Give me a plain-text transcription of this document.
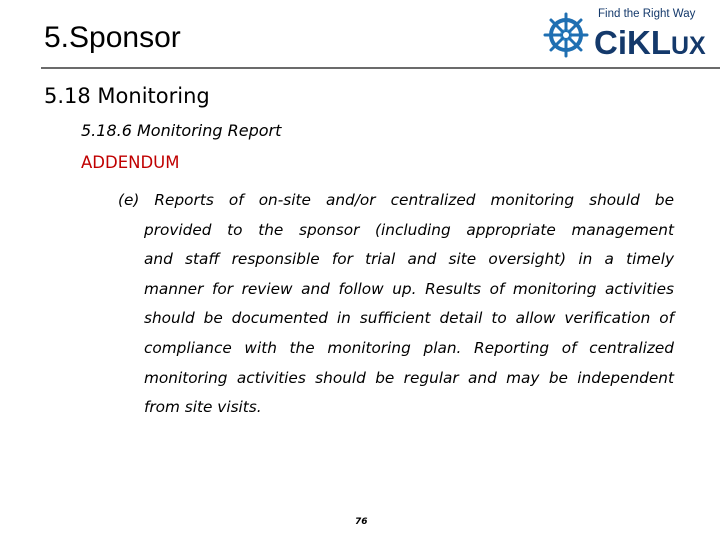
5.Sponsor
Find the Right Way
CiKLUX
5.18 Monitoring
5.18.6 Monitoring Report
ADDENDUM
(e) Reports of on-site and/or centralized monitoring should be
provided to the sponsor (including appropriate management
and staff responsible for trial and site oversight) in a timely
manner for review and follow up. Results of monitoring activities
should be documented in sufficient detail to allow verification of
compliance with the monitoring plan. Reporting of centralized
monitoring activities should be regular and may be independent
from site visits.
76
